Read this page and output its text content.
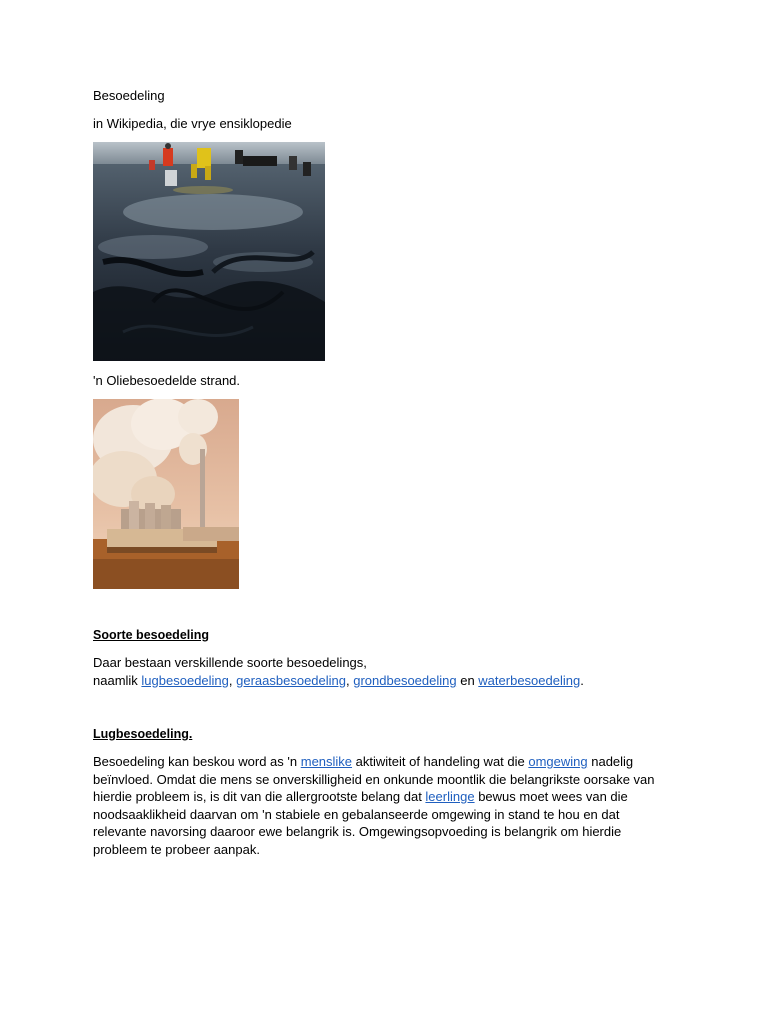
Besoedeling
in Wikipedia, die vrye ensiklopedie
'n Oliebesoedelde strand.
Soorte besoedeling
Daar bestaan verskillende soorte besoedelings,
naamlik lugbesoedeling, geraasbesoedeling, grondbesoedeling en waterbesoedeling.
Lugbesoedeling.
Besoedeling kan beskou word as 'n menslike aktiwiteit of handeling wat die omgewing nadelig beïnvloed. Omdat die mens se onverskilligheid en onkunde moontlik die belangrikste oorsake van hierdie probleem is, is dit van die allergrootste belang dat leerlinge bewus moet wees van die noodsaaklikheid daarvan om 'n stabiele en gebalanseerde omgewing in stand te hou en dat relevante navorsing daaroor ewe belangrik is. Omgewingsopvoeding is belangrik om hierdie probleem te probeer aanpak.
